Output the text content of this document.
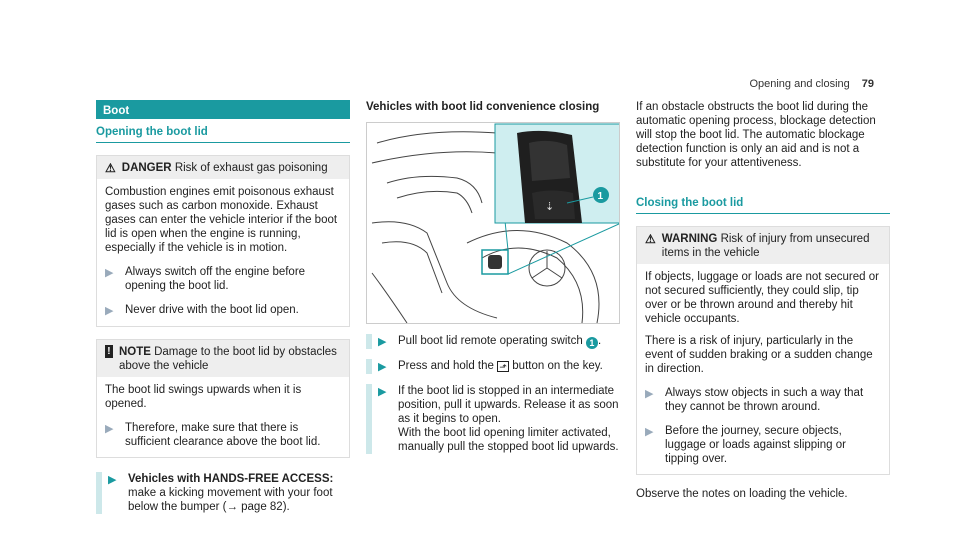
Opening and closing 79
Boot
Opening the boot lid
⚠ DANGER Risk of exhaust gas poisoning

Combustion engines emit poisonous exhaust gases such as carbon monoxide. Exhaust gases can enter the vehicle interior if the boot lid is open when the engine is running, especially if the vehicle is in motion.

▶	Always switch off the engine before opening the boot lid.
▶	Never drive with the boot lid open.
! NOTE Damage to the boot lid by obstacles above the vehicle

The boot lid swings upwards when it is opened.

▶	Therefore, make sure that there is sufficient clearance above the boot lid.
▶	Vehicles with HANDS-FREE ACCESS: make a kicking movement with your foot below the bumper (→ page 82).
Vehicles with boot lid convenience closing
⇣
1
▶	Pull boot lid remote operating switch 1 .
▶	Press and hold the ⬏ button on the key.
▶	If the boot lid is stopped in an intermediate position, pull it upwards. Release it as soon as it begins to open.
With the boot lid opening limiter activated, manually pull the stopped boot lid upwards.

If an obstacle obstructs the boot lid during the automatic opening process, blockage detection will stop the boot lid. The automatic blockage detection function is only an aid and is not a substitute for your attentiveness.

Closing the boot lid
⚠ WARNING Risk of injury from unsecured items in the vehicle

If objects, luggage or loads are not secured or not secured sufficiently, they could slip, tip over or be thrown around and thereby hit vehicle occupants.

There is a risk of injury, particularly in the event of sudden braking or a sudden change in direction.

▶	Always stow objects in such a way that they cannot be thrown around.
▶	Before the journey, secure objects, luggage or loads against slipping or tipping over.

Observe the notes on loading the vehicle.
